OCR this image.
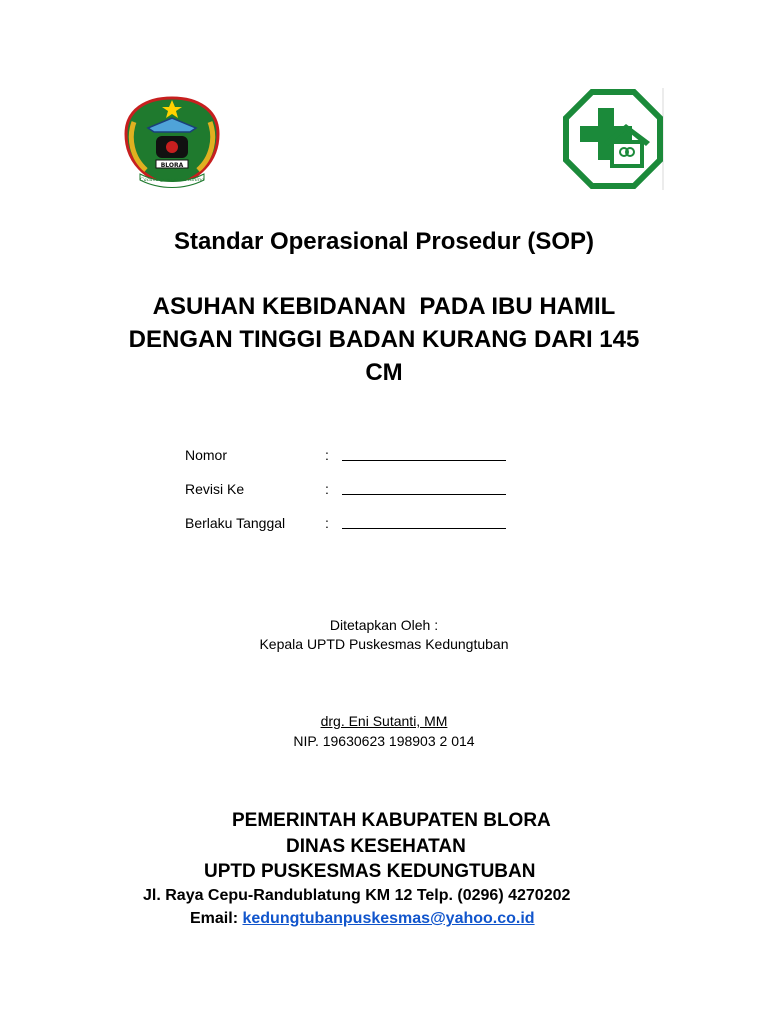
BLORA
Cacana gasa jarea tanina
Standar Operasional Prosedur (SOP)
ASUHAN KEBIDANAN  PADA IBU HAMIL
DENGAN TINGGI BADAN KURANG DARI 145
CM
Nomor	:
Revisi Ke	:
Berlaku Tanggal	:
Ditetapkan Oleh :
Kepala UPTD Puskesmas Kedungtuban
drg. Eni Sutanti, MM
NIP. 19630623 198903 2 014
PEMERINTAH KABUPATEN BLORA
DINAS KESEHATAN
UPTD PUSKESMAS KEDUNGTUBAN
Jl. Raya Cepu-Randublatung KM 12 Telp. (0296) 4270202
Email: kedungtubanpuskesmas@yahoo.co.id
